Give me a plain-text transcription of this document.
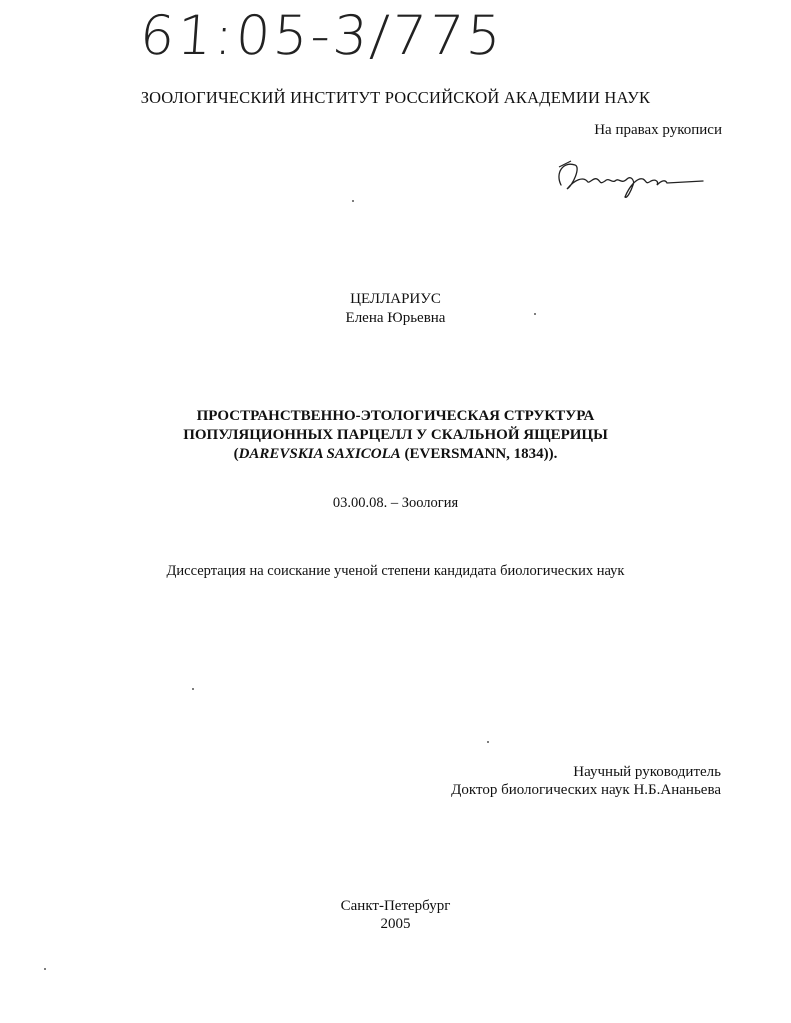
61:05-3/775
ЗООЛОГИЧЕСКИЙ ИНСТИТУТ РОССИЙСКОЙ АКАДЕМИИ НАУК
На правах рукописи
ЦЕЛЛАРИУС
Елена Юрьевна
ПРОСТРАНСТВЕННО-ЭТОЛОГИЧЕСКАЯ СТРУКТУРА
ПОПУЛЯЦИОННЫХ ПАРЦЕЛЛ У СКАЛЬНОЙ ЯЩЕРИЦЫ
(DAREVSKIA SAXICOLA (EVERSMANN, 1834)).
03.00.08. – Зоология
Диссертация на соискание ученой степени кандидата биологических наук
Научный руководитель
Доктор биологических наук Н.Б.Ананьева
Санкт-Петербург
2005
